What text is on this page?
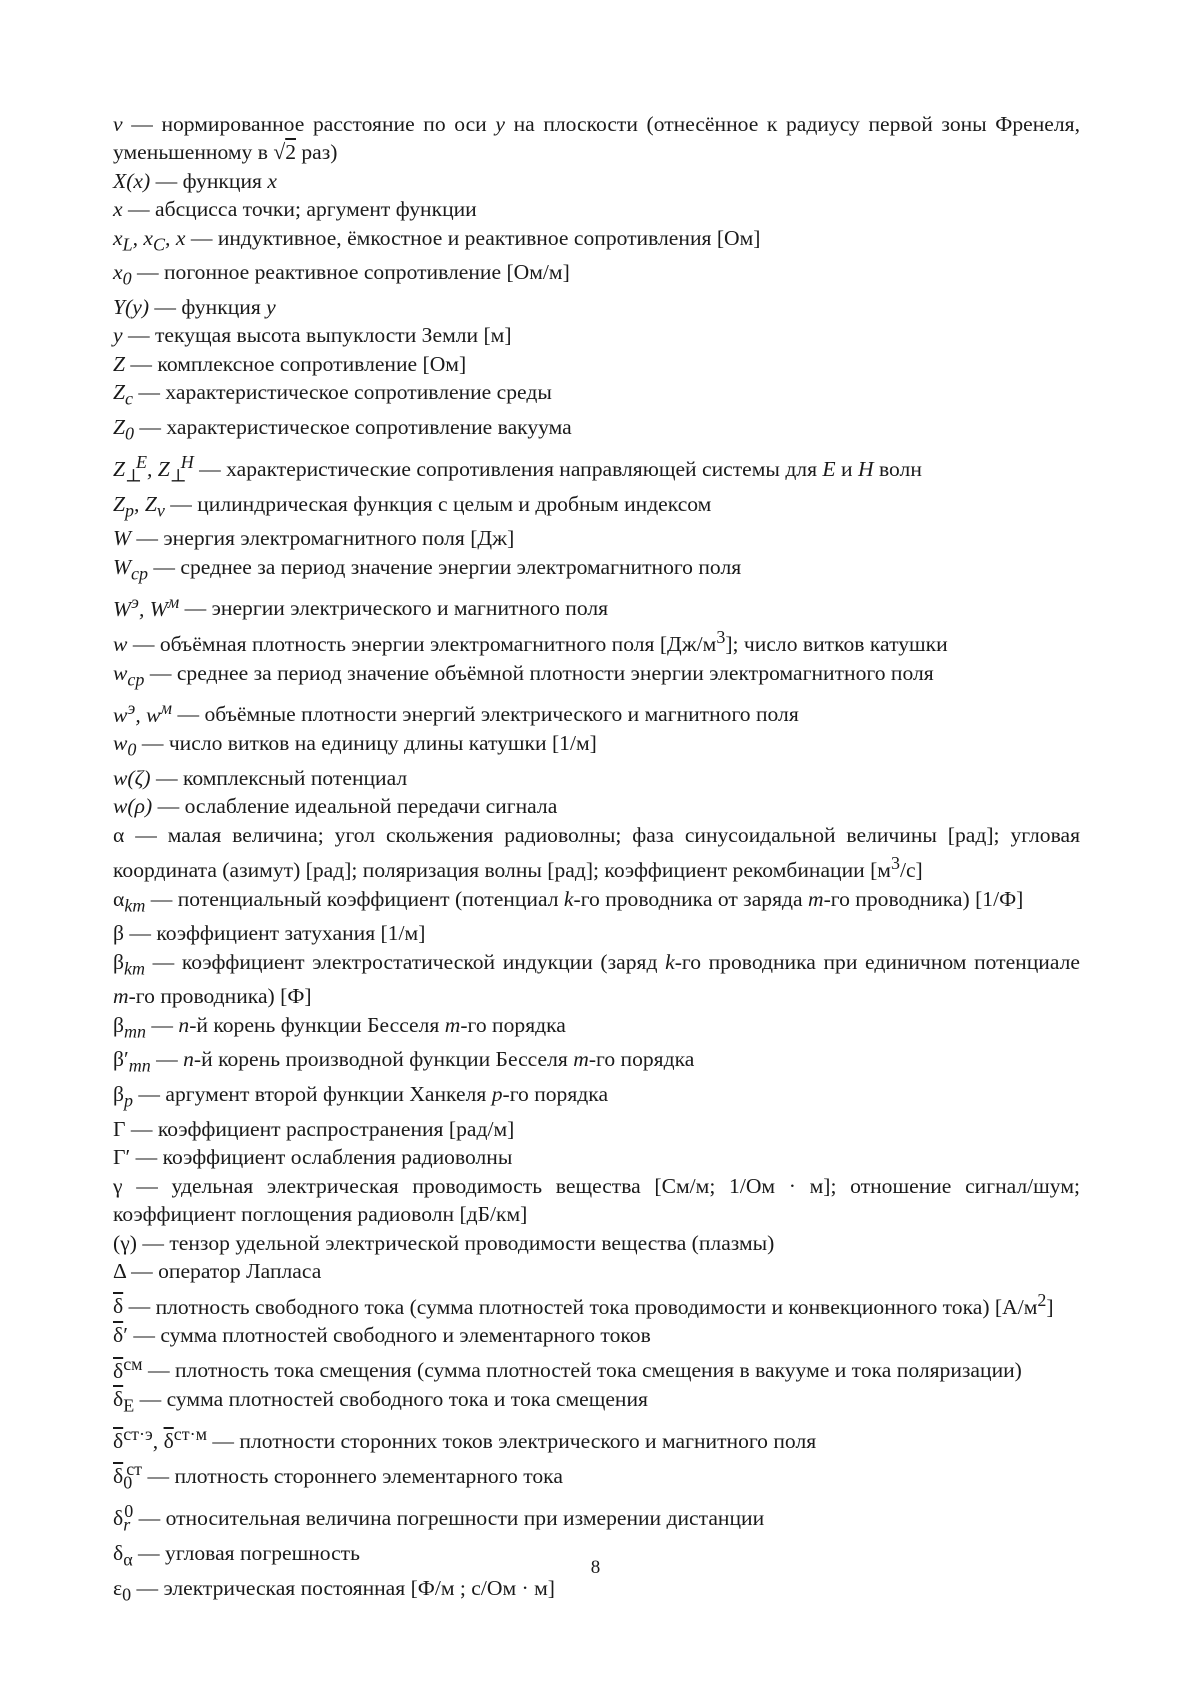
v — нормированное расстояние по оси y на плоскости (отнесённое к радиусу первой зоны Френеля, уменьшенному в √2 раз)

X(x) — функция x

x — абсцисса точки; аргумент функции

$x_L$, $x_C$, x — индуктивное, ёмкостное и реактивное сопротивления [Ом]

$x_0$ — погонное реактивное сопротивление [Ом/м]

Y(y) — функция y

y — текущая высота выпуклости Земли [м]

Z — комплексное сопротивление [Ом]

$Z_с$ — характеристическое сопротивление среды

$Z_0$ — характеристическое сопротивление вакуума

$Z_\perp^E$, $Z_\perp^H$ — характеристические сопротивления направляющей системы для E и H волн

$Z_p$, $Z_\nu$ — цилиндрическая функция с целым и дробным индексом

W — энергия электромагнитного поля [Дж]

$W_{ср}$ — среднее за период значение энергии электромагнитного поля

$W^э$, $W^м$ — энергии электрического и магнитного поля

w — объёмная плотность энергии электромагнитного поля $[Дж/м^3]$; число витков катушки

$w_{ср}$ — среднее за период значение объёмной плотности энергии электромагнитного поля

$w^э$, $w^м$ — объёмные плотности энергий электрического и магнитного поля

$w_0$ — число витков на единицу длины катушки [1/м]

w(ζ) — комплексный потенциал

w(ρ) — ослабление идеальной передачи сигнала

α — малая величина; угол скольжения радиоволны; фаза синусоидальной величины [рад]; угловая координата (азимут) [рад]; поляризация волны [рад]; коэффициент рекомбинации $[м^3/с]$

$\alpha_{km}$ — потенциальный коэффициент (потенциал k-го проводника от заряда m-го проводника) [1/Ф]

β — коэффициент затухания [1/м]

$\beta_{km}$ — коэффициент электростатической индукции (заряд k-го проводника при единичном потенциале m-го проводника) [Ф]

$\beta_{mn}$ — n-й корень функции Бесселя m-го порядка

$\beta'_{mn}$ — n-й корень производной функции Бесселя m-го порядка

$\beta_p$ — аргумент второй функции Ханкеля p-го порядка

Γ — коэффициент распространения [рад/м]

Γ′ — коэффициент ослабления радиоволны

γ — удельная электрическая проводимость вещества [См/м; 1/Ом · м]; отношение сигнал/шум; коэффициент поглощения радиоволн [дБ/км]

(γ) — тензор удельной электрической проводимости вещества (плазмы)

Δ — оператор Лапласа

$\overline{\delta}$ — плотность свободного тока (сумма плотностей тока проводимости и конвекционного тока) $[А/м^2]$

$\overline{\delta}'$ — сумма плотностей свободного и элементарного токов

$\overline{\delta}^{см}$ — плотность тока смещения (сумма плотностей тока смещения в вакууме и тока поляризации)

$\overline{\delta}_E$ — сумма плотностей свободного тока и тока смещения

$\overline{\delta}^{ст\cdot э}$, $\overline{\delta}^{ст\cdot м}$ — плотности сторонних токов электрического и магнитного поля

$\overline{\delta}_0^{ст}$ — плотность стороннего элементарного тока

$\delta_r^0$ — относительная величина погрешности при измерении дистанции

$\delta_\alpha$ — угловая погрешность

$\varepsilon_0$ — электрическая постоянная [Ф/м ; с/Ом · м]

8
